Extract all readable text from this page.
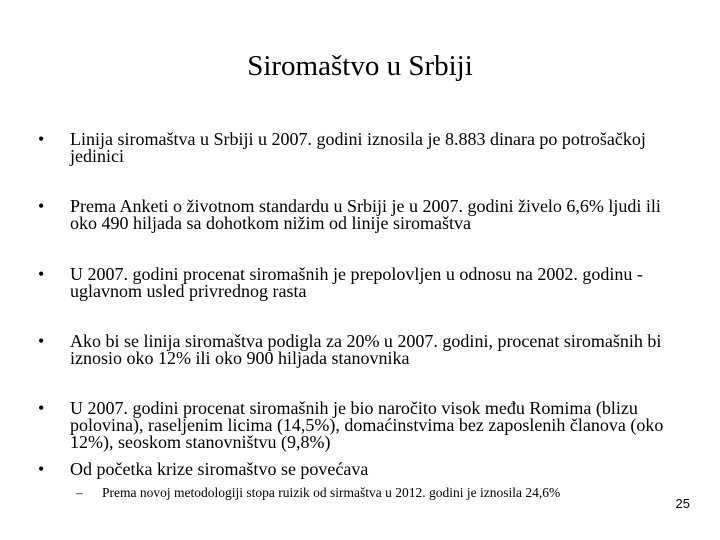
Siromaštvo u Srbiji
•	Linija siromaštva u Srbiji u 2007. godini iznosila je 8.883 dinara po potrošačkoj jedinici
•	Prema Anketi o životnom standardu u Srbiji je u 2007. godini živelo 6,6% ljudi ili oko 490 hiljada sa dohotkom nižim od linije siromaštva
•	U 2007. godini procenat siromašnih je prepolovljen u odnosu na 2002. godinu - uglavnom usled privrednog rasta
•	Ako bi se linija siromaštva podigla za 20% u 2007. godini, procenat siromašnih bi iznosio oko 12% ili oko 900 hiljada stanovnika
•	U 2007. godini procenat siromašnih je bio naročito visok među Romima (blizu polovina), raseljenim licima (14,5%), domaćinstvima bez zaposlenih članova (oko 12%), seoskom stanovništvu (9,8%)
•	Od početka krize siromaštvo se povećava
– Prema novoj metodologiji stopa ruizik od sirmaštva u 2012. godini je iznosila 24,6%
25
